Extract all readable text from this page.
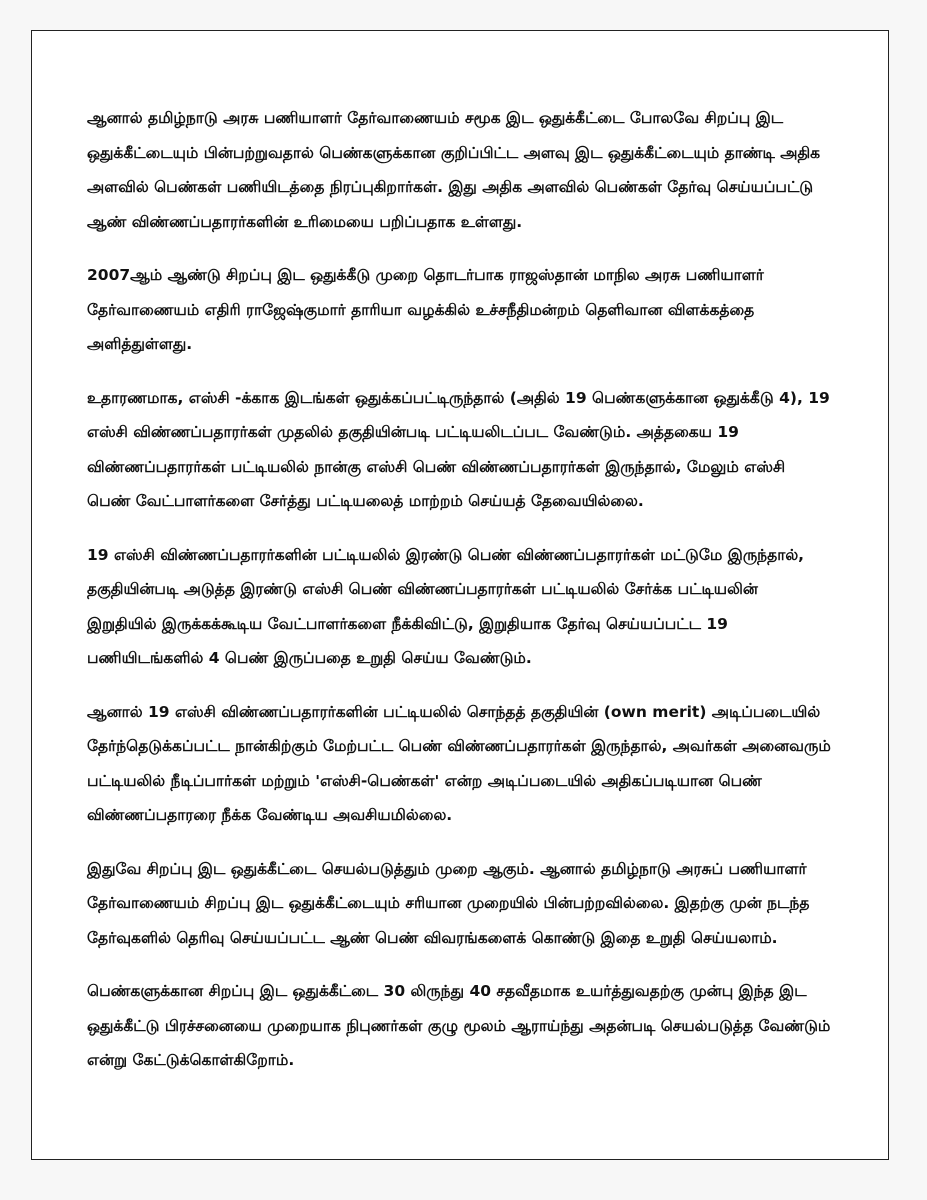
ஆனால் தமிழ்நாடு அரசு பணியாளர் தேர்வாணையம் சமூக இட ஒதுக்கீட்டை போலவே சிறப்பு இட ஒதுக்கீட்டையும் பின்பற்றுவதால் பெண்களுக்கான குறிப்பிட்ட அளவு இட ஒதுக்கீட்டையும் தாண்டி அதிக அளவில் பெண்கள் பணியிடத்தை நிரப்புகிறார்கள். இது அதிக அளவில் பெண்கள் தேர்வு செய்யப்பட்டு ஆண் விண்ணப்பதாரர்களின் உரிமையை பறிப்பதாக உள்ளது.

2007ஆம் ஆண்டு சிறப்பு இட ஒதுக்கீடு முறை தொடர்பாக ராஜஸ்தான் மாநில அரசு பணியாளர் தேர்வாணையம் எதிரி ராஜேஷ்குமார் தாரியா வழக்கில் உச்சநீதிமன்றம் தெளிவான விளக்கத்தை அளித்துள்ளது.

உதாரணமாக, எஸ்சி -க்காக இடங்கள் ஒதுக்கப்பட்டிருந்தால் (அதில் 19 பெண்களுக்கான ஒதுக்கீடு 4), 19 எஸ்சி விண்ணப்பதாரர்கள் முதலில் தகுதியின்படி பட்டியலிடப்பட வேண்டும். அத்தகைய 19 விண்ணப்பதாரர்கள் பட்டியலில் நான்கு எஸ்சி பெண் விண்ணப்பதாரர்கள் இருந்தால், மேலும் எஸ்சி பெண் வேட்பாளர்களை சேர்த்து பட்டியலைத் மாற்றம் செய்யத் தேவையில்லை.

19 எஸ்சி விண்ணப்பதாரர்களின் பட்டியலில் இரண்டு பெண் விண்ணப்பதாரர்கள் மட்டுமே இருந்தால், தகுதியின்படி அடுத்த இரண்டு எஸ்சி பெண் விண்ணப்பதாரர்கள் பட்டியலில் சேர்க்க பட்டியலின் இறுதியில் இருக்கக்கூடிய வேட்பாளர்களை நீக்கிவிட்டு, இறுதியாக தேர்வு செய்யப்பட்ட 19 பணியிடங்களில் 4 பெண் இருப்பதை உறுதி செய்ய வேண்டும்.

ஆனால் 19 எஸ்சி விண்ணப்பதாரர்களின் பட்டியலில் சொந்தத் தகுதியின் (own merit) அடிப்படையில் தேர்ந்தெடுக்கப்பட்ட நான்கிற்கும் மேற்பட்ட பெண் விண்ணப்பதாரர்கள் இருந்தால், அவர்கள் அனைவரும் பட்டியலில் நீடிப்பார்கள் மற்றும் 'எஸ்சி-பெண்கள்' என்ற அடிப்படையில் அதிகப்படியான பெண் விண்ணப்பதாரரை நீக்க வேண்டிய அவசியமில்லை.

இதுவே சிறப்பு இட ஒதுக்கீட்டை செயல்படுத்தும் முறை ஆகும். ஆனால் தமிழ்நாடு அரசுப் பணியாளர் தேர்வாணையம் சிறப்பு இட ஒதுக்கீட்டையும் சரியான முறையில் பின்பற்றவில்லை. இதற்கு முன் நடந்த தேர்வுகளில் தெரிவு செய்யப்பட்ட ஆண் பெண் விவரங்களைக் கொண்டு இதை உறுதி செய்யலாம்.

பெண்களுக்கான சிறப்பு இட ஒதுக்கீட்டை 30 லிருந்து 40 சதவீதமாக உயர்த்துவதற்கு முன்பு இந்த இட ஒதுக்கீட்டு பிரச்சனையை முறையாக நிபுணர்கள் குழு மூலம் ஆராய்ந்து அதன்படி செயல்படுத்த வேண்டும் என்று கேட்டுக்கொள்கிறோம்.
